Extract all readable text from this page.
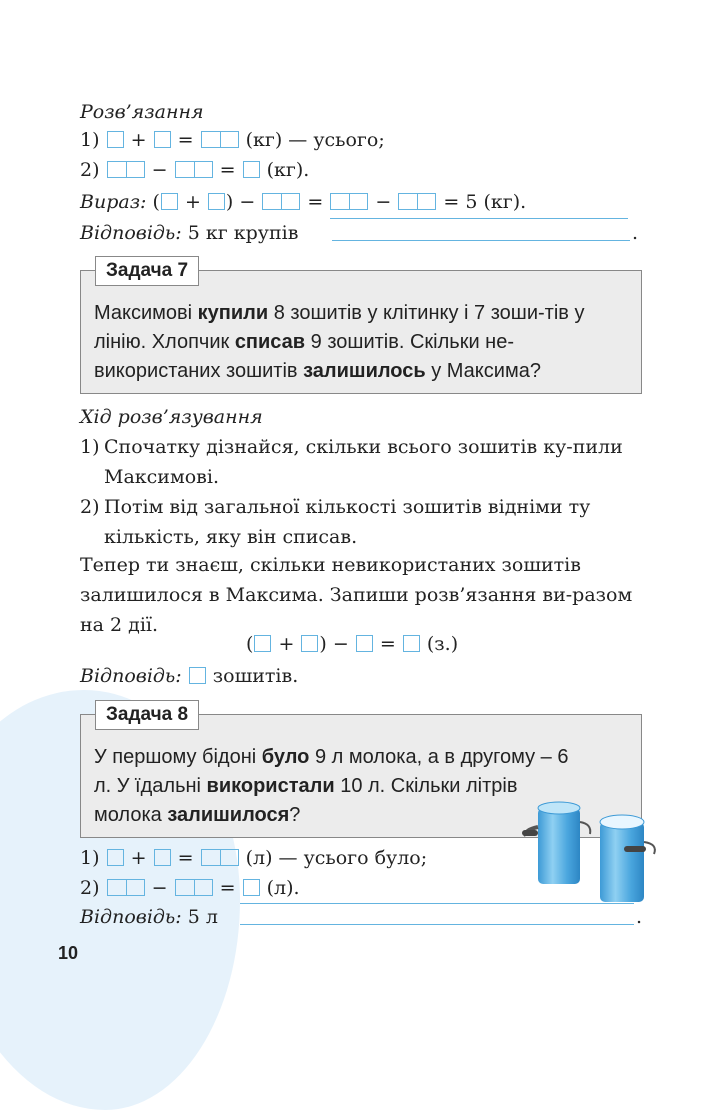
Розв’язання
1)  +  =  (кг) — усього;
2)  −  =  (кг).
Вираз: ( + ) −  =  −  = 5 (кг).
Відповідь: 5 кг крупів	.
Задача 7
Максимові купили 8 зошитів у клітинку і 7 зоши-тів у лінію. Хлопчик списав 9 зошитів. Скільки не-використаних зошитів залишилось у Максима?
Хід розв’язування
1) Спочатку дізнайся, скільки всього зошитів ку-пили Максимові.
2) Потім від загальної кількості зошитів відніми ту кількість, яку він списав.
Тепер ти знаєш, скільки невикористаних зошитів залишилося в Максима. Запиши розв’язання ви-разом на 2 дії.
( + ) −  =  (з.)
Відповідь: зошитів.
Задача 8
У першому бідоні було 9 л молока, а в другому – 6 л. У їдальні використали 10 л. Скільки літрів молока залишилося?
1)  +  =  (л) — усього було;
2)  −  =  (л).
Відповідь: 5 л	.
10
